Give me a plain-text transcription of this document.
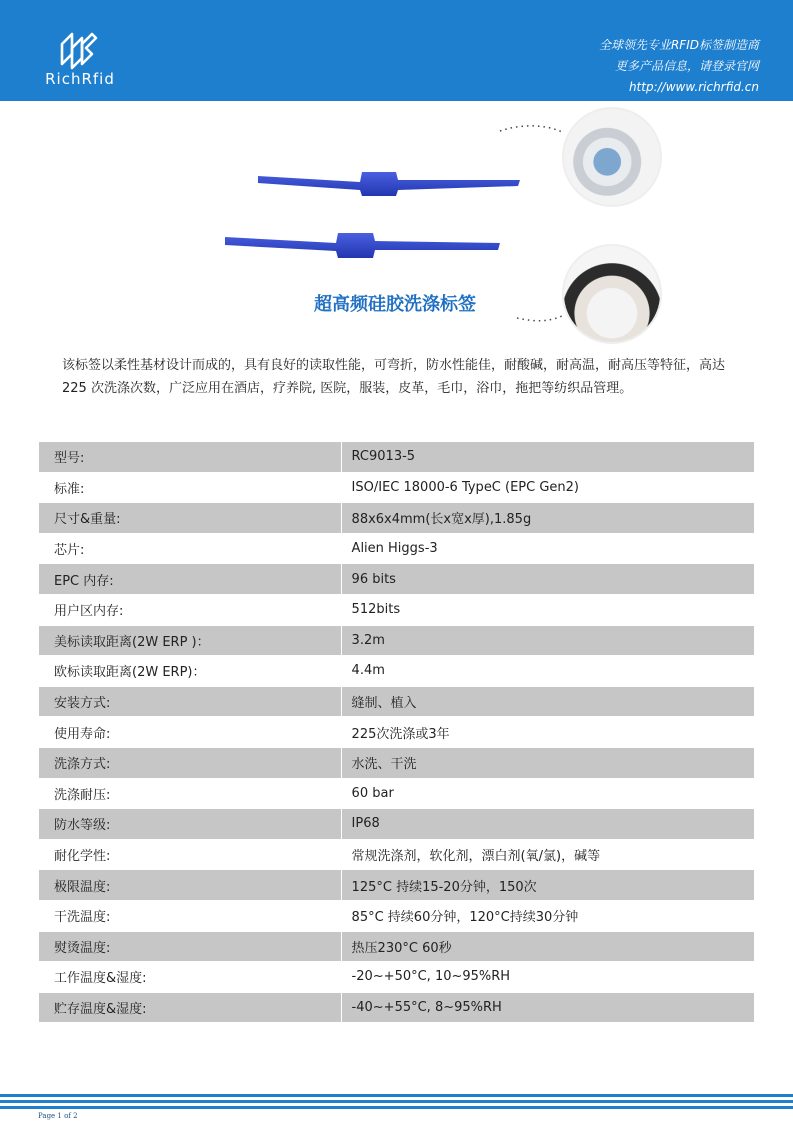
RichRfid
全球领先专业RFID标签制造商
更多产品信息，请登录官网
http://www.richrfid.cn
超高频硅胶洗涤标签
该标签以柔性基材设计而成的，具有良好的读取性能，可弯折，防水性能佳，耐酸碱，耐高温，耐高压等特征，高达 225 次洗涤次数，广泛应用在酒店，疗养院, 医院，服装，皮革，毛巾，浴巾，拖把等纺织品管理。
型号:	RC9013-5
标准:	ISO/IEC 18000-6 TypeC (EPC Gen2)
尺寸&重量:	88x6x4mm(长x宽x厚),1.85g
芯片:	Alien Higgs-3
EPC 内存:	96 bits
用户区内存:	512bits
美标读取距离(2W ERP )：	3.2m
欧标读取距离(2W ERP)：	4.4m
安装方式:	缝制、植入
使用寿命:	225次洗涤或3年
洗涤方式:	水洗、干洗
洗涤耐压:	60 bar
防水等级:	IP68
耐化学性:	常规洗涤剂，软化剂，漂白剂(氧/氯)，碱等
极限温度:	125°C 持续15-20分钟，150次
干洗温度:	85°C 持续60分钟，120°C持续30分钟
熨烫温度:	热压230°C 60秒
工作温度&湿度:	-20~+50°C, 10~95%RH
贮存温度&湿度:	-40~+55°C, 8~95%RH
Page 1 of 2
